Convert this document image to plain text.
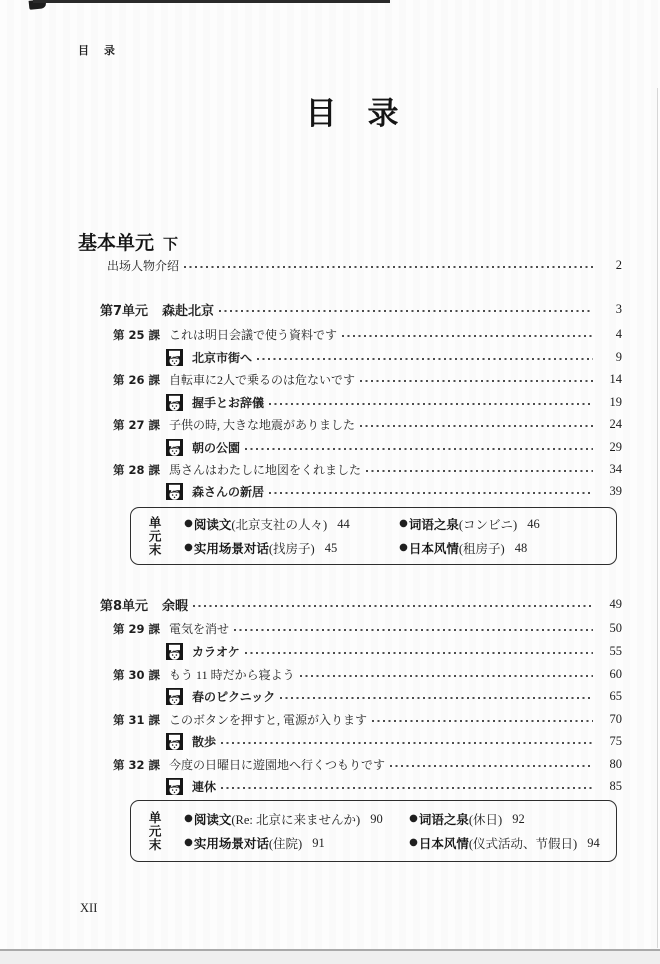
目　录
目　录
基本单元 下
出场人物介绍	2
第7单元 森赴北京	3
第 25 課 これは明日会議で使う資料です	4
北京市街へ	9
第 26 課 自転車に2人で乗るのは危ないです	14
握手とお辞儀	19
第 27 課 子供の時, 大きな地震がありました	24
朝の公園	29
第 28 課 馬さんはわたしに地図をくれました	34
森さんの新居	39
单元末 ● 阅读文 (北京支社の人々) 44
● 实用场景对话 (找房子) 45
● 词语之泉 (コンビニ) 46
● 日本风情 (租房子) 48
第8单元 余暇	49
第 29 課 電気を消せ	50
カラオケ	55
第 30 課 もう 11 時だから寝よう	60
春のピクニック	65
第 31 課 このボタンを押すと, 電源が入ります	70
散歩	75
第 32 課 今度の日曜日に遊園地へ行くつもりです	80
連休	85
单元末 ● 阅读文 (Re: 北京に来ませんか) 90
● 实用场景对话 (住院) 91
● 词语之泉 (休日) 92
● 日本风情 (仪式活动、节假日) 94
XII
